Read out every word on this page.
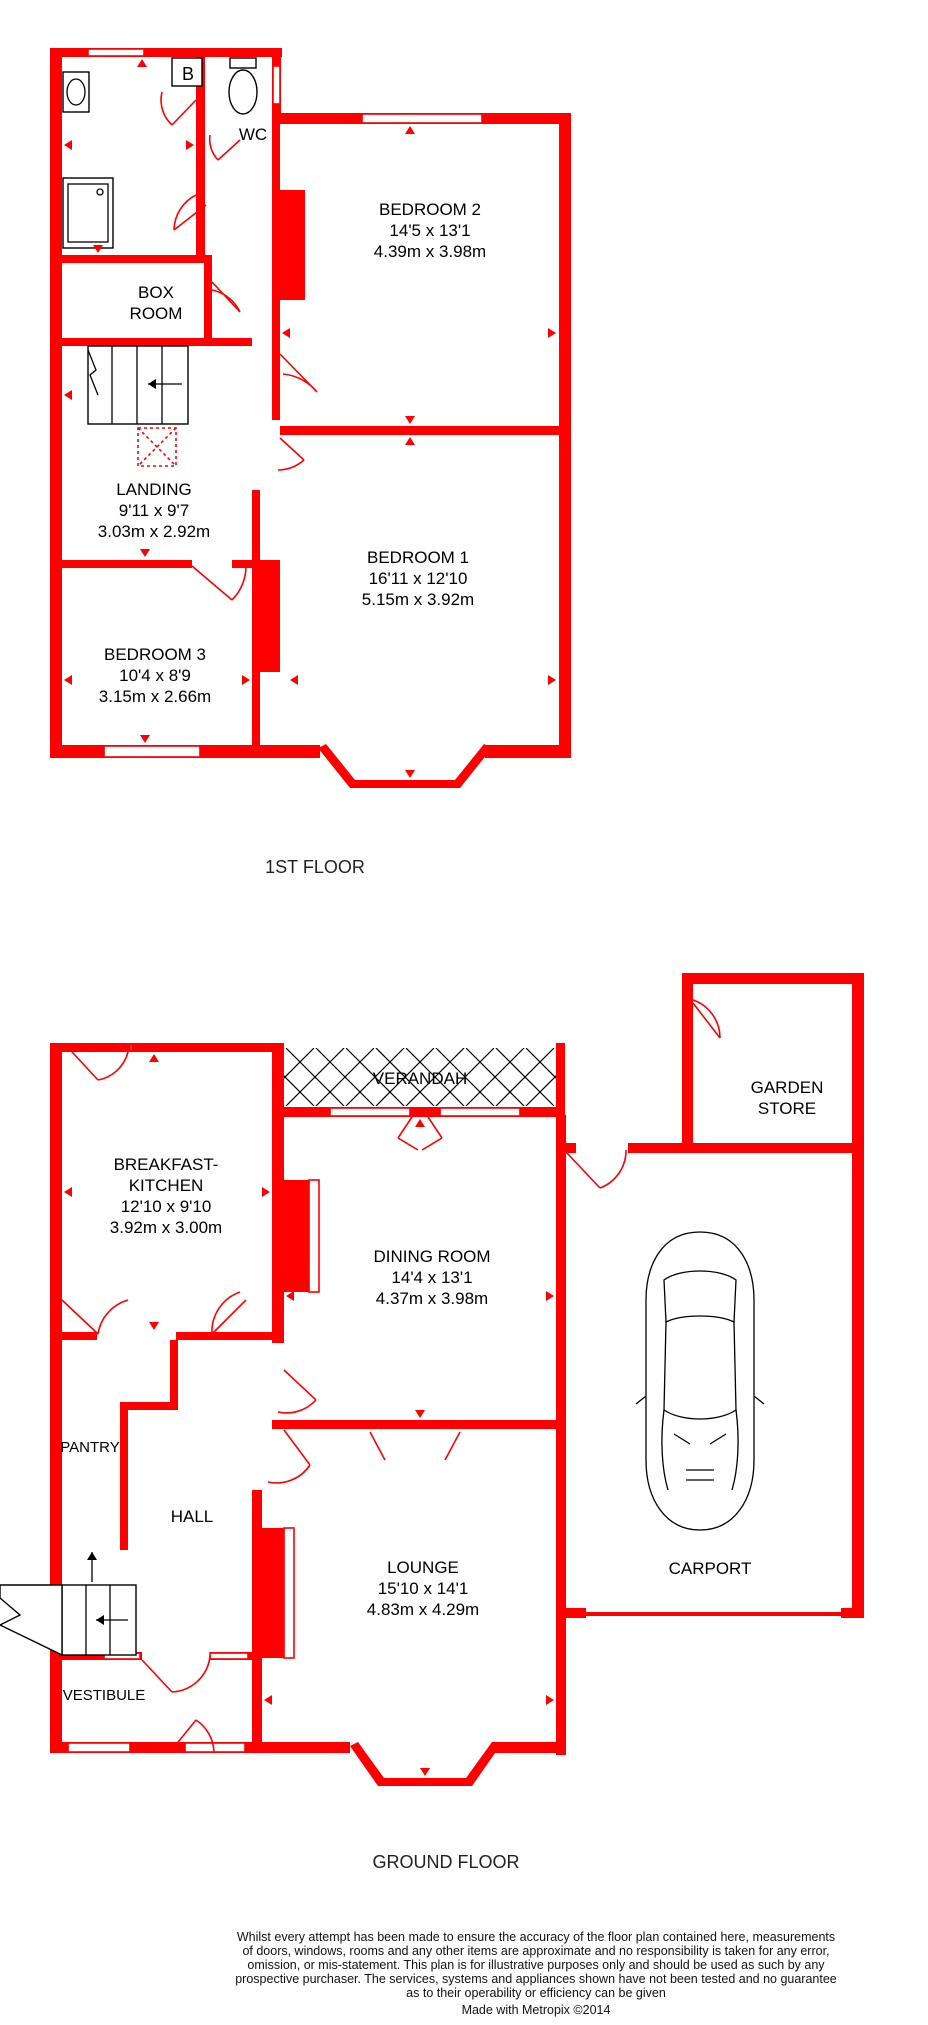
B
WC
BOX
ROOM
BEDROOM 2
14'5 x 13'1
4.39m x 3.98m
LANDING
9'11 x 9'7
3.03m x 2.92m
BEDROOM 1
16'11 x 12'10
5.15m x 3.92m
BEDROOM 3
10'4 x 8'9
3.15m x 2.66m
1ST FLOOR
VERANDAH	GARDEN
STORE
BREAKFAST-
KITCHEN
12'10 x 9'10
3.92m x 3.00m
DINING ROOM
14'4 x 13'1
4.37m x 3.98m
PANTRY
HALL
LOUNGE
15'10 x 14'1
4.83m x 4.29m
CARPORT
VESTIBULE
GROUND FLOOR
Whilst every attempt has been made to ensure the accuracy of the floor plan contained here, measurements
of doors, windows, rooms and any other items are approximate and no responsibility is taken for any error,
omission, or mis-statement. This plan is for illustrative purposes only and should be used as such by any
prospective purchaser. The services, systems and appliances shown have not been tested and no guarantee
as to their operability or efficiency can be given
Made with Metropix ©2014
